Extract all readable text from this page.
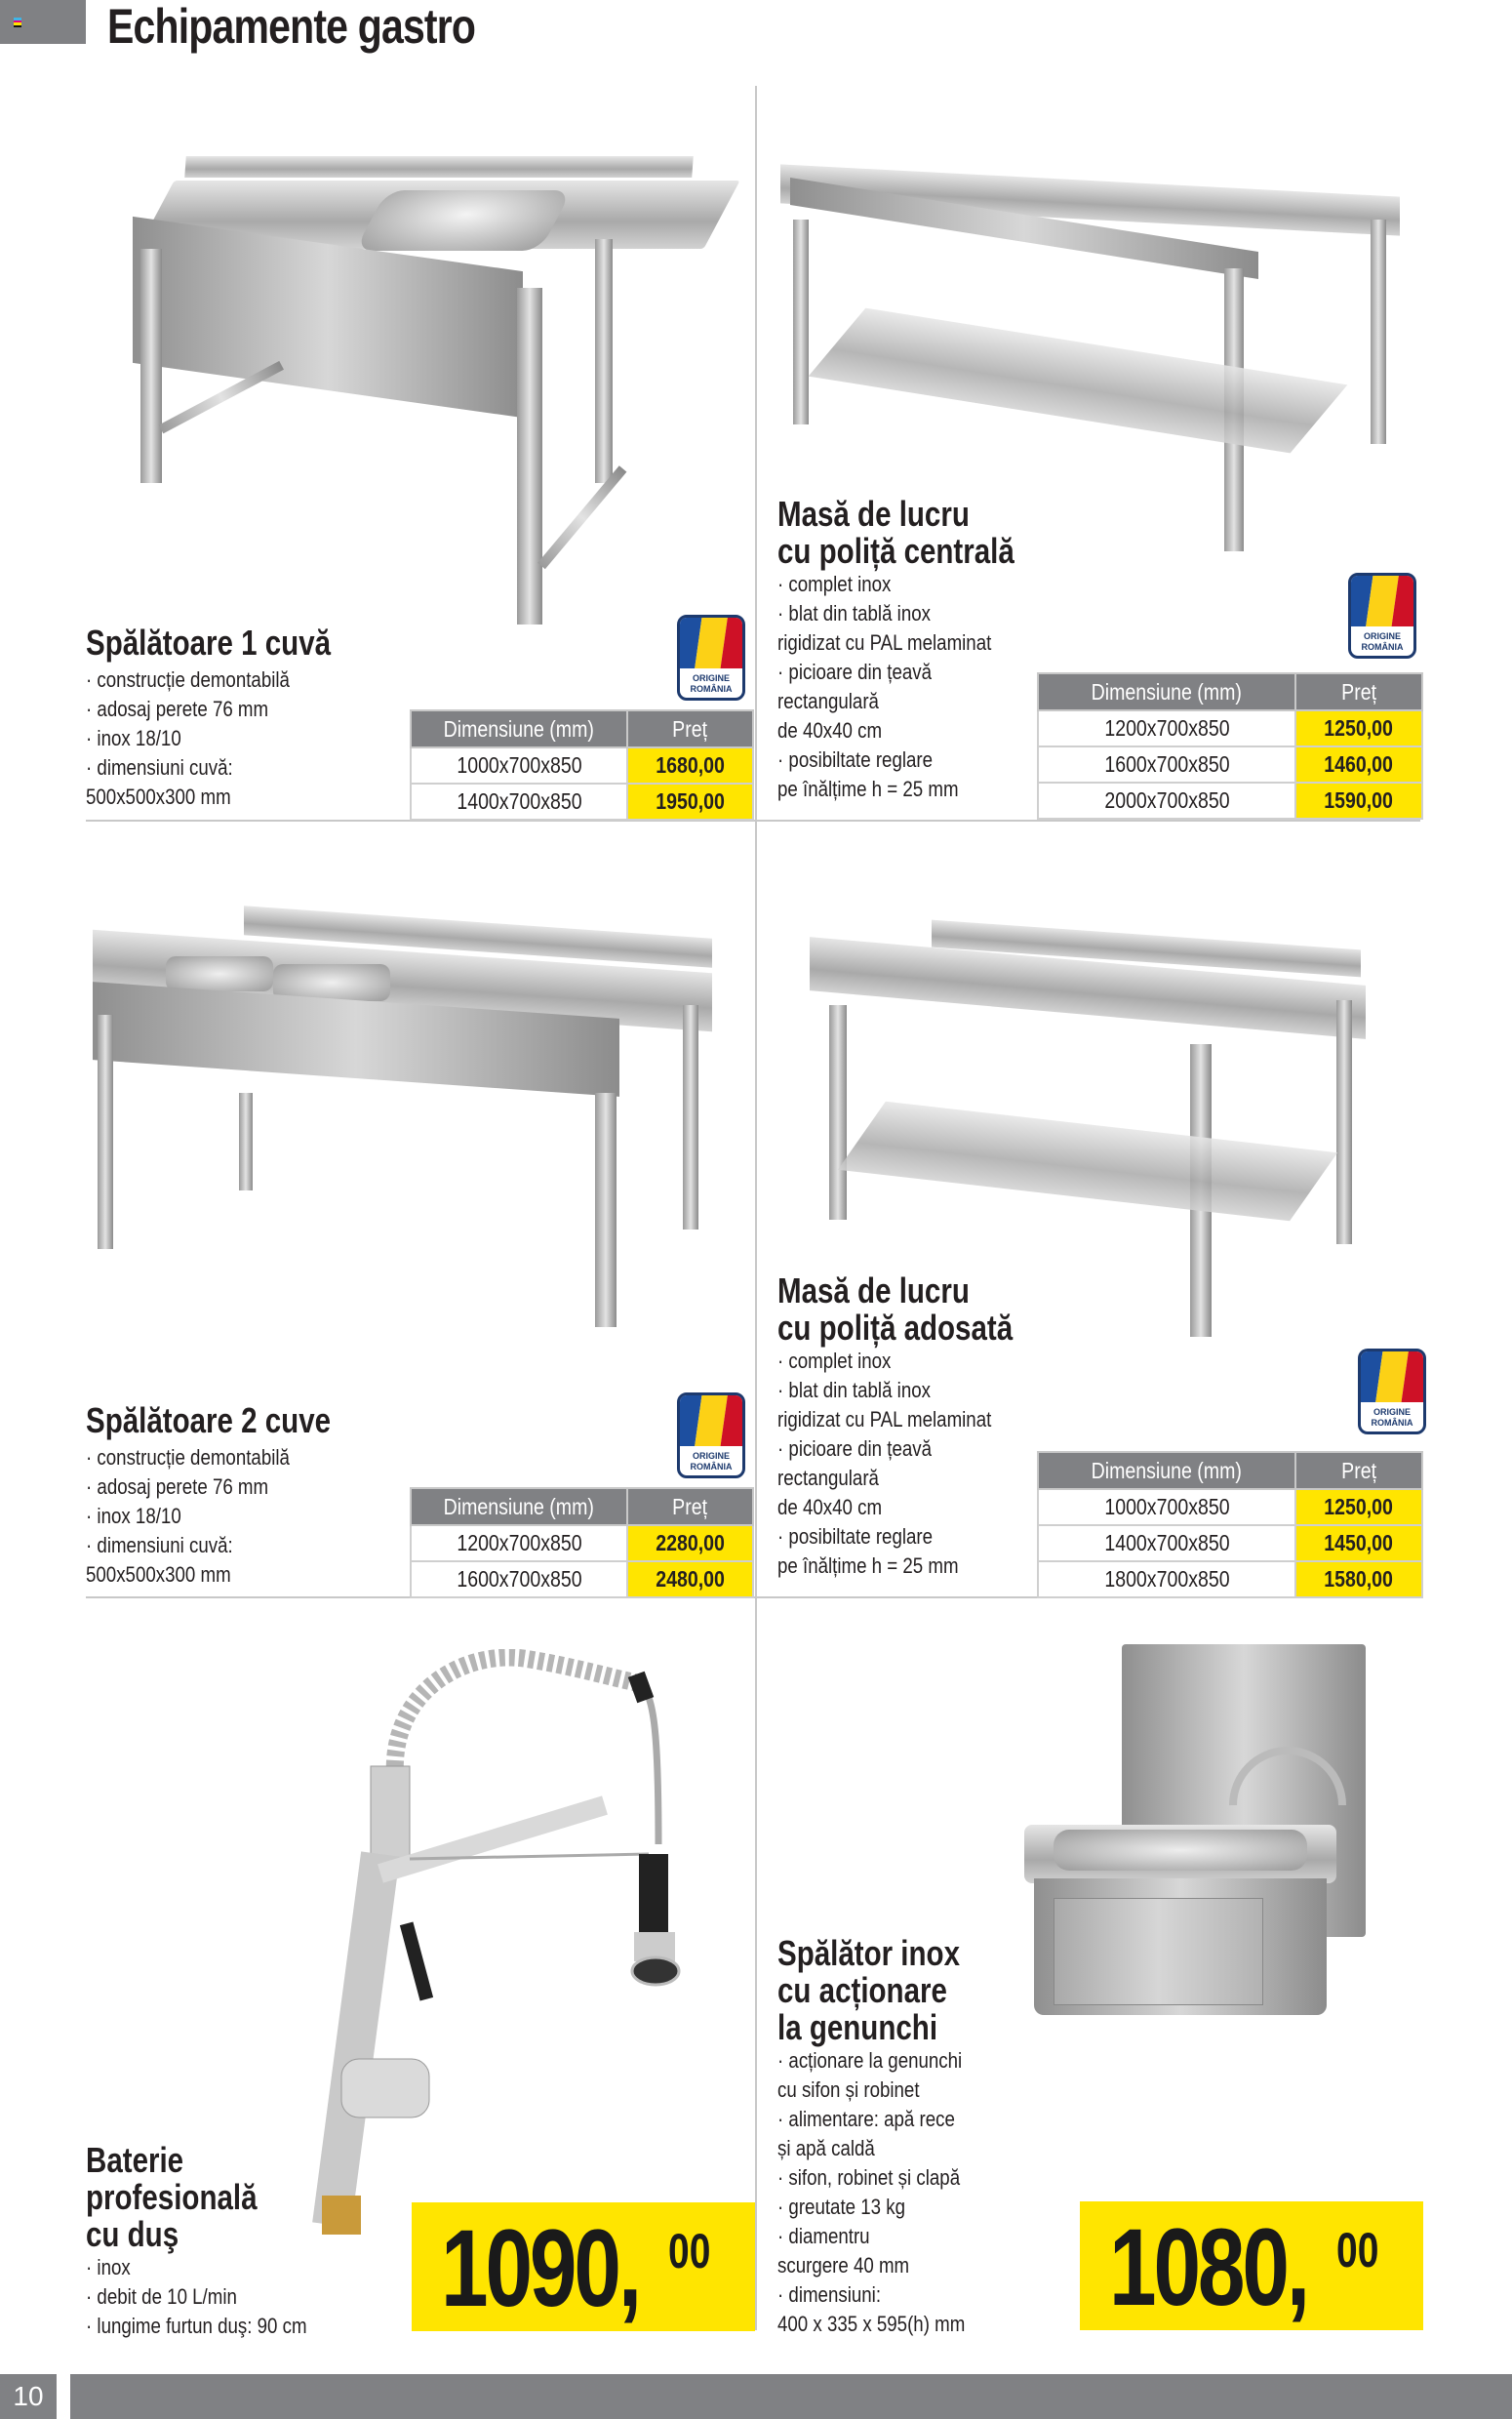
Echipamente gastro
Spălătoare 1 cuvă
· construcție demontabilă
· adosaj perete 76 mm
· inox 18/10
· dimensiuni cuvă:
500x500x300 mm
ORIGINE
ROMÂNIA
Dimensiune (mm)	Preț
1000x700x850	1680,00
1400x700x850	1950,00
Masă de lucru
cu poliță centrală
· complet inox
· blat din tablă inox
rigidizat cu PAL melaminat
· picioare din țeavă
rectangulară
de 40x40 cm
· posibiltate reglare
pe înălțime h = 25 mm
ORIGINE
ROMÂNIA
Dimensiune (mm)	Preț
1200x700x850	1250,00
1600x700x850	1460,00
2000x700x850	1590,00
Spălătoare 2 cuve
· construcție demontabilă
· adosaj perete 76 mm
· inox 18/10
· dimensiuni cuvă:
500x500x300 mm
ORIGINE
ROMÂNIA
Dimensiune (mm)	Preț
1200x700x850	2280,00
1600x700x850	2480,00
Masă de lucru
cu poliță adosată
· complet inox
· blat din tablă inox
rigidizat cu PAL melaminat
· picioare din țeavă
rectangulară
de 40x40 cm
· posibiltate reglare
pe înălțime h = 25 mm
ORIGINE
ROMÂNIA
Dimensiune (mm)	Preț
1000x700x850	1250,00
1400x700x850	1450,00
1800x700x850	1580,00
Baterie
profesională
cu duş
· inox
· debit de 10 L/min
· lungime furtun duş: 90 cm 1090, 00
Spălător inox
cu acționare
la genunchi
· acționare la genunchi
cu sifon și robinet
· alimentare: apă rece
și apă caldă
· sifon, robinet și clapă
· greutate 13 kg
· diamentru
scurgere 40 mm
· dimensiuni:
400 x 335 x 595(h) mm 1080, 00
10
